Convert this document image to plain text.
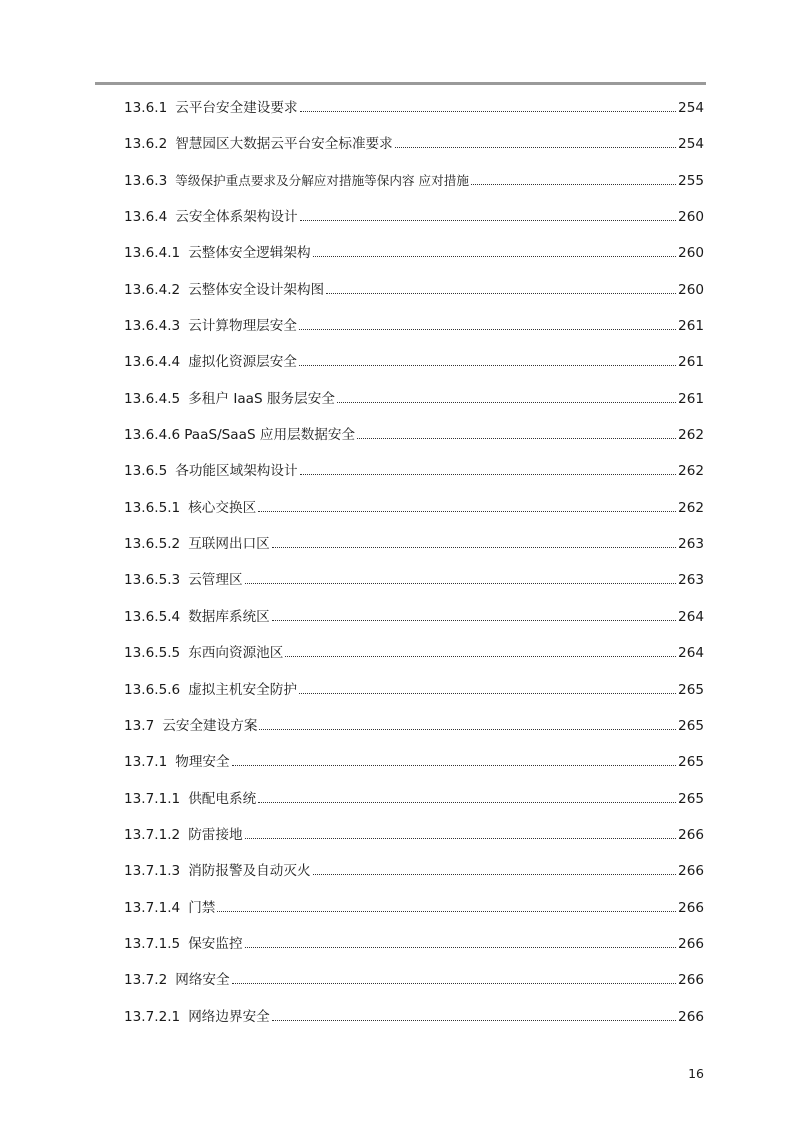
13.6.1 云平台安全建设要求	254
13.6.2 智慧园区大数据云平台安全标准要求	254
13.6.3 等级保护重点要求及分解应对措施等保内容 应对措施	255
13.6.4 云安全体系架构设计	260
13.6.4.1 云整体安全逻辑架构	260
13.6.4.2 云整体安全设计架构图	260
13.6.4.3 云计算物理层安全	261
13.6.4.4 虚拟化资源层安全	261
13.6.4.5 多租户 IaaS 服务层安全	261
13.6.4.6 PaaS/SaaS 应用层数据安全	262
13.6.5 各功能区域架构设计	262
13.6.5.1 核心交换区	262
13.6.5.2 互联网出口区	263
13.6.5.3 云管理区	263
13.6.5.4 数据库系统区	264
13.6.5.5 东西向资源池区	264
13.6.5.6 虚拟主机安全防护	265
13.7 云安全建设方案	265
13.7.1 物理安全	265
13.7.1.1 供配电系统	265
13.7.1.2 防雷接地	266
13.7.1.3 消防报警及自动灭火	266
13.7.1.4 门禁	266
13.7.1.5 保安监控	266
13.7.2 网络安全	266
13.7.2.1 网络边界安全	266
16
